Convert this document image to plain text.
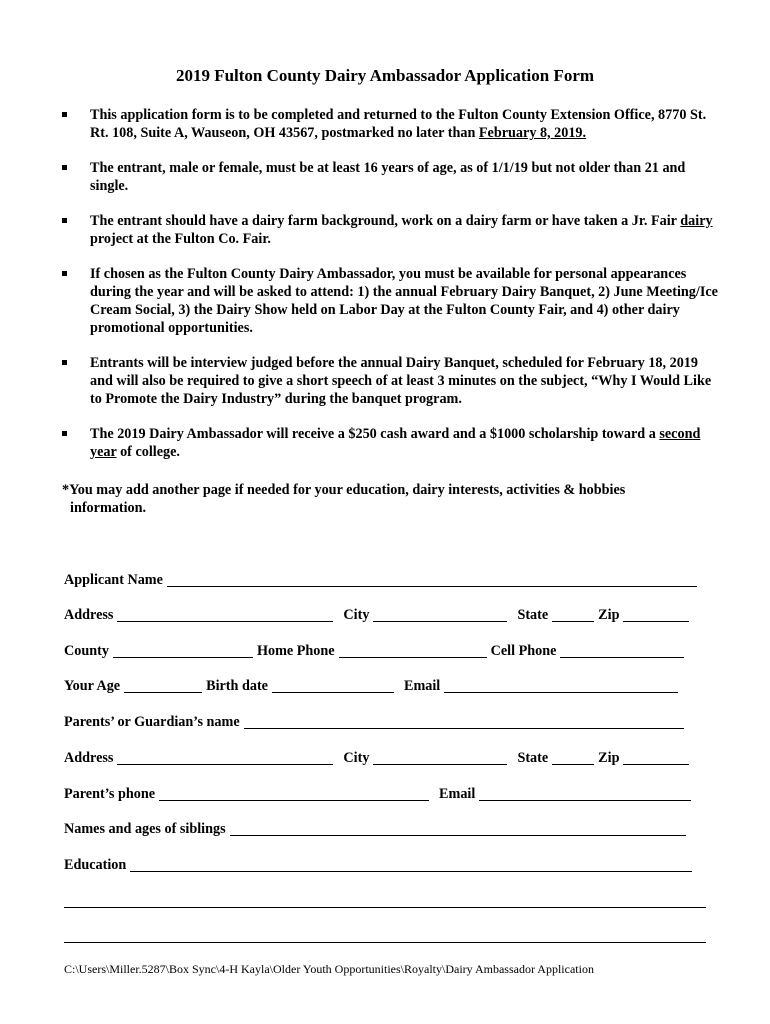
2019 Fulton County Dairy Ambassador Application Form
This application form is to be completed and returned to the Fulton County Extension Office, 8770 St. Rt. 108, Suite A, Wauseon, OH 43567, postmarked no later than February 8, 2019.
The entrant, male or female, must be at least 16 years of age, as of 1/1/19 but not older than 21 and single.
The entrant should have a dairy farm background, work on a dairy farm or have taken a Jr. Fair dairy project at the Fulton Co. Fair.
If chosen as the Fulton County Dairy Ambassador, you must be available for personal appearances during the year and will be asked to attend: 1) the annual February Dairy Banquet, 2) June Meeting/Ice Cream Social, 3) the Dairy Show held on Labor Day at the Fulton County Fair, and 4) other dairy promotional opportunities.
Entrants will be interview judged before the annual Dairy Banquet, scheduled for February 18, 2019 and will also be required to give a short speech of at least 3 minutes on the subject, “Why I Would Like to Promote the Dairy Industry” during the banquet program.
The 2019 Dairy Ambassador will receive a $250 cash award and a $1000 scholarship toward a second year of college.
*You may add another page if needed for your education, dairy interests, activities & hobbies
information.
Applicant Name
Address	City	State	Zip
County	Home Phone	Cell Phone
Your Age	Birth date	Email
Parents’ or Guardian’s name
Address	City	State	Zip
Parent’s phone	Email
Names and ages of siblings
Education
C:\Users\Miller.5287\Box Sync\4-H Kayla\Older Youth Opportunities\Royalty\Dairy Ambassador Application
